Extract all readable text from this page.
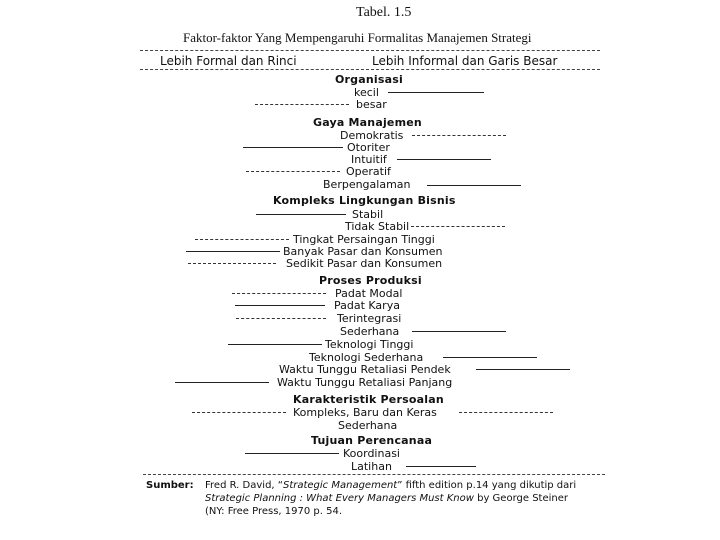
Tabel. 1.5
Faktor-faktor Yang Mempengaruhi Formalitas Manajemen Strategi
Lebih Formal dan Rinci	Lebih Informal dan Garis Besar
Organisasi
kecil
besar
Gaya Manajemen
Demokratis
Otoriter
Intuitif
Operatif
Berpengalaman
Kompleks Lingkungan Bisnis
Stabil
Tidak Stabil
Tingkat Persaingan Tinggi
Banyak Pasar dan Konsumen
Sedikit Pasar dan Konsumen
Proses Produksi
Padat Modal
Padat Karya
Terintegrasi
Sederhana
Teknologi Tinggi
Teknologi Sederhana
Waktu Tunggu Retaliasi Pendek
Waktu Tunggu Retaliasi Panjang
Karakteristik Persoalan
Kompleks, Baru dan Keras
Sederhana
Tujuan Perencanaa
Koordinasi
Latihan
Sumber: Fred R. David, “Strategic Management” fifth edition p.14 yang dikutip dari
Strategic Planning : What Every Managers Must Know by George Steiner
(NY: Free Press, 1970 p. 54.
